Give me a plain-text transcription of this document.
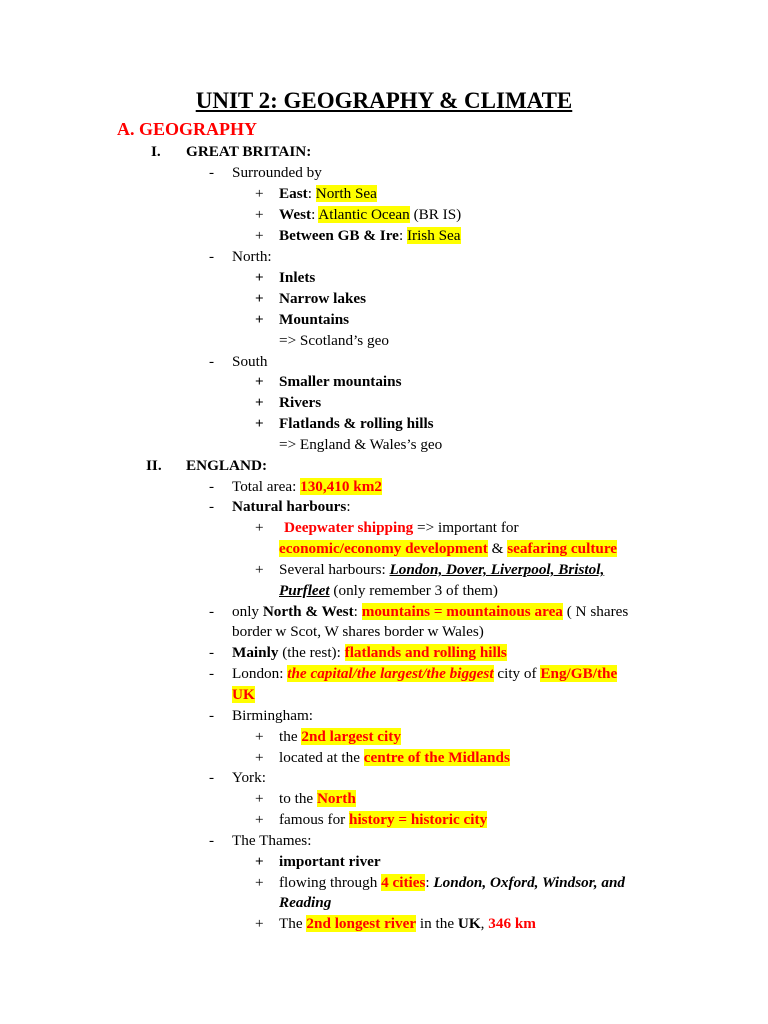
UNIT 2: GEOGRAPHY & CLIMATE
A. GEOGRAPHY
I. GREAT BRITAIN:
- Surrounded by
+ East: North Sea
+ West: Atlantic Ocean (BR IS)
+ Between GB & Ire: Irish Sea
- North:
+ Inlets
+ Narrow lakes
+ Mountains
=> Scotland’s geo
- South
+ Smaller mountains
+ Rivers
+ Flatlands & rolling hills
=> England & Wales’s geo
II. ENGLAND:
- Total area: 130,410 km2
- Natural harbours:
+ Deepwater shipping => important for
economic/economy development & seafaring culture
+ Several harbours: London, Dover, Liverpool, Bristol,
Purfleet (only remember 3 of them)
- only North & West: mountains = mountainous area ( N shares
border w Scot, W shares border w Wales)
- Mainly (the rest): flatlands and rolling hills
- London: the capital/the largest/the biggest city of Eng/GB/the
UK
- Birmingham:
+ the 2nd largest city
+ located at the centre of the Midlands
- York:
+ to the North
+ famous for history = historic city
- The Thames:
+ important river
+ flowing through 4 cities: London, Oxford, Windsor, and
Reading
+ The 2nd longest river in the UK, 346 km
